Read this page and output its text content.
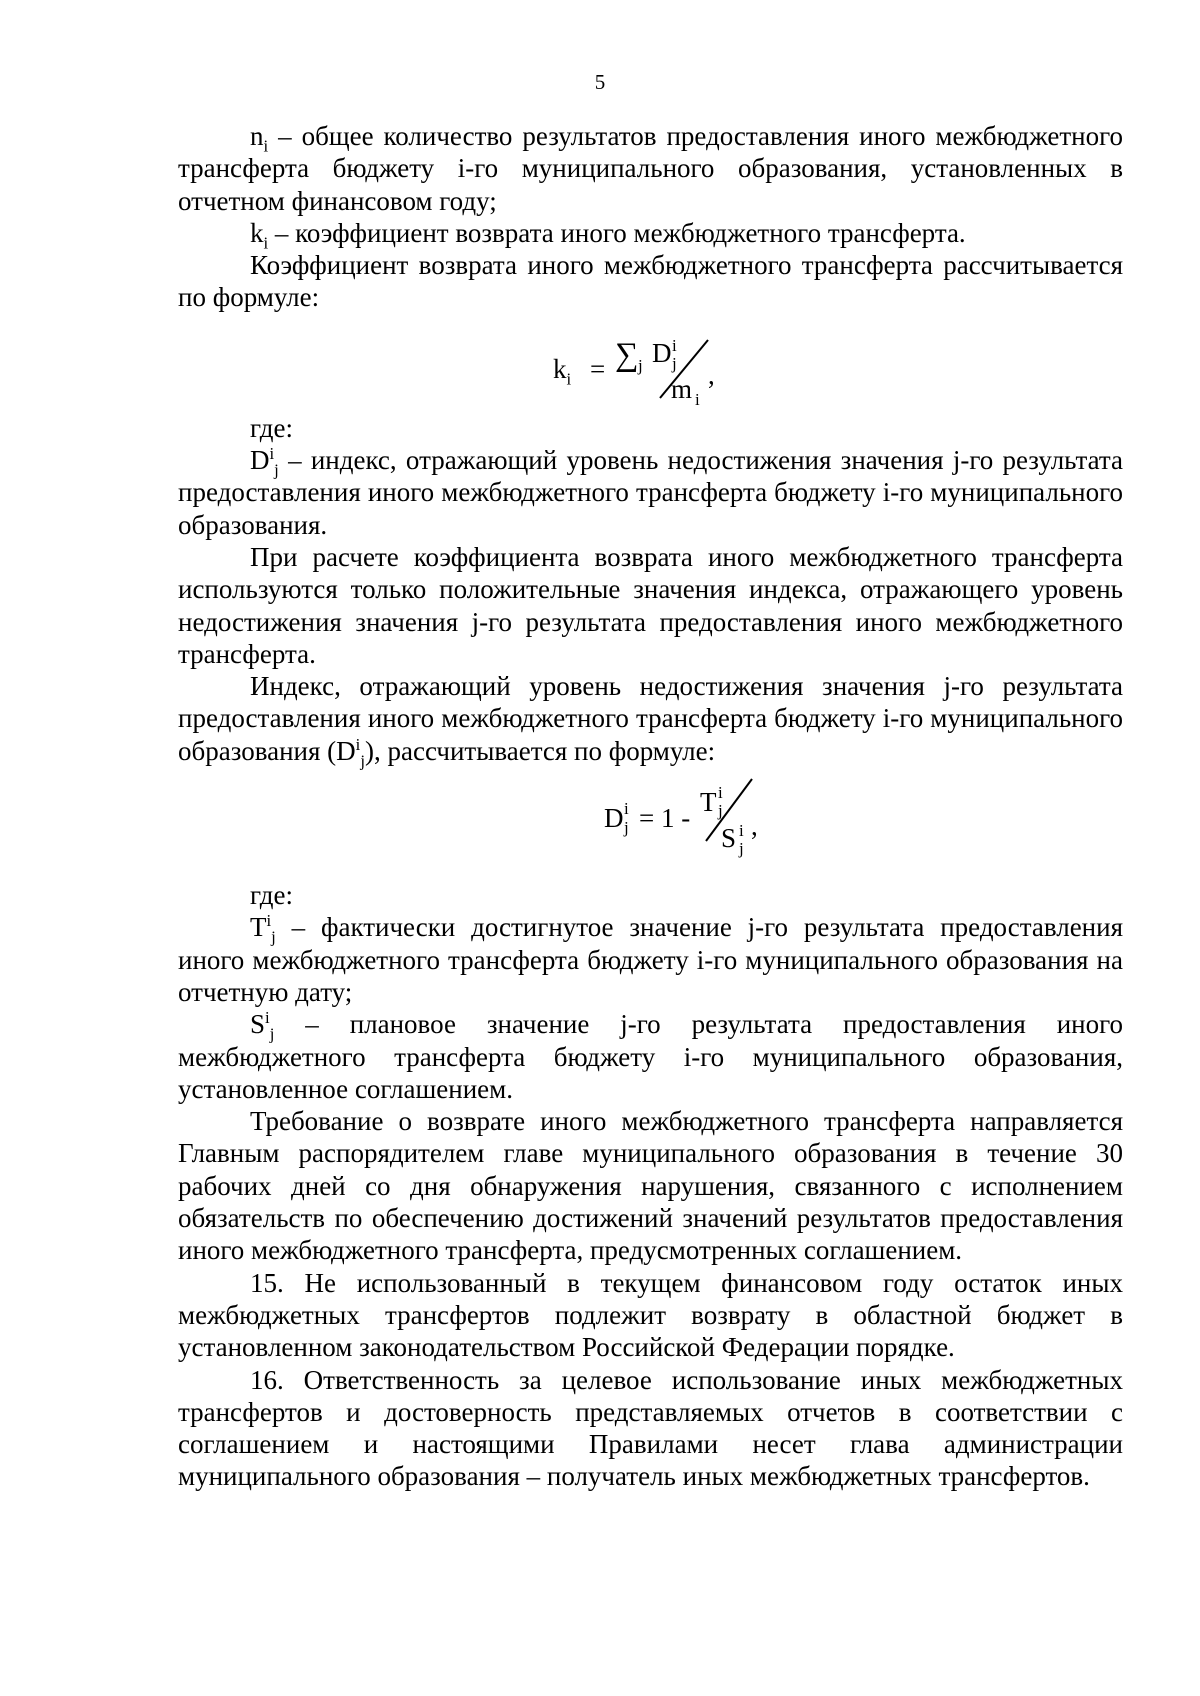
5

$n_i$ – общее количество результатов предоставления иного межбюджетного трансферта бюджету i-го муниципального образования, установленных в отчетном финансовом году;

$k_i$ – коэффициент возврата иного межбюджетного трансферта.

Коэффициент возврата иного межбюджетного трансферта рассчитывается по формуле:

$k_i$ = ∑ j D i
j
m i
,

где:

$D^i_j$ – индекс, отражающий уровень недостижения значения j-го результата предоставления иного межбюджетного трансферта бюджету i-го муниципального образования.

При расчете коэффициента возврата иного межбюджетного трансферта используются только положительные значения индекса, отражающего уровень недостижения значения j-го результата предоставления иного межбюджетного трансферта.

Индекс, отражающий уровень недостижения значения j-го результата предоставления иного межбюджетного трансферта бюджету i-го муниципального образования $(D^i_j)$, рассчитывается по формуле:

D i
j = 1 -
T i
j
S i
j
,

где:

$T^i_j$ – фактически достигнутое значение j-го результата предоставления иного межбюджетного трансферта бюджету i-го муниципального образования на отчетную дату;

$S^i_j$ – плановое значение j-го результата предоставления иного межбюджетного трансферта бюджету i-го муниципального образования, установленное соглашением.

Требование о возврате иного межбюджетного трансферта направляется Главным распорядителем главе муниципального образования в течение 30 рабочих дней со дня обнаружения нарушения, связанного с исполнением обязательств по обеспечению достижений значений результатов предоставления иного межбюджетного трансферта, предусмотренных соглашением.

15. Не использованный в текущем финансовом году остаток иных межбюджетных трансфертов подлежит возврату в областной бюджет в установленном законодательством Российской Федерации порядке.

16. Ответственность за целевое использование иных межбюджетных трансфертов и достоверность представляемых отчетов в соответствии с соглашением и настоящими Правилами несет глава администрации муниципального образования – получатель иных межбюджетных трансфертов.
